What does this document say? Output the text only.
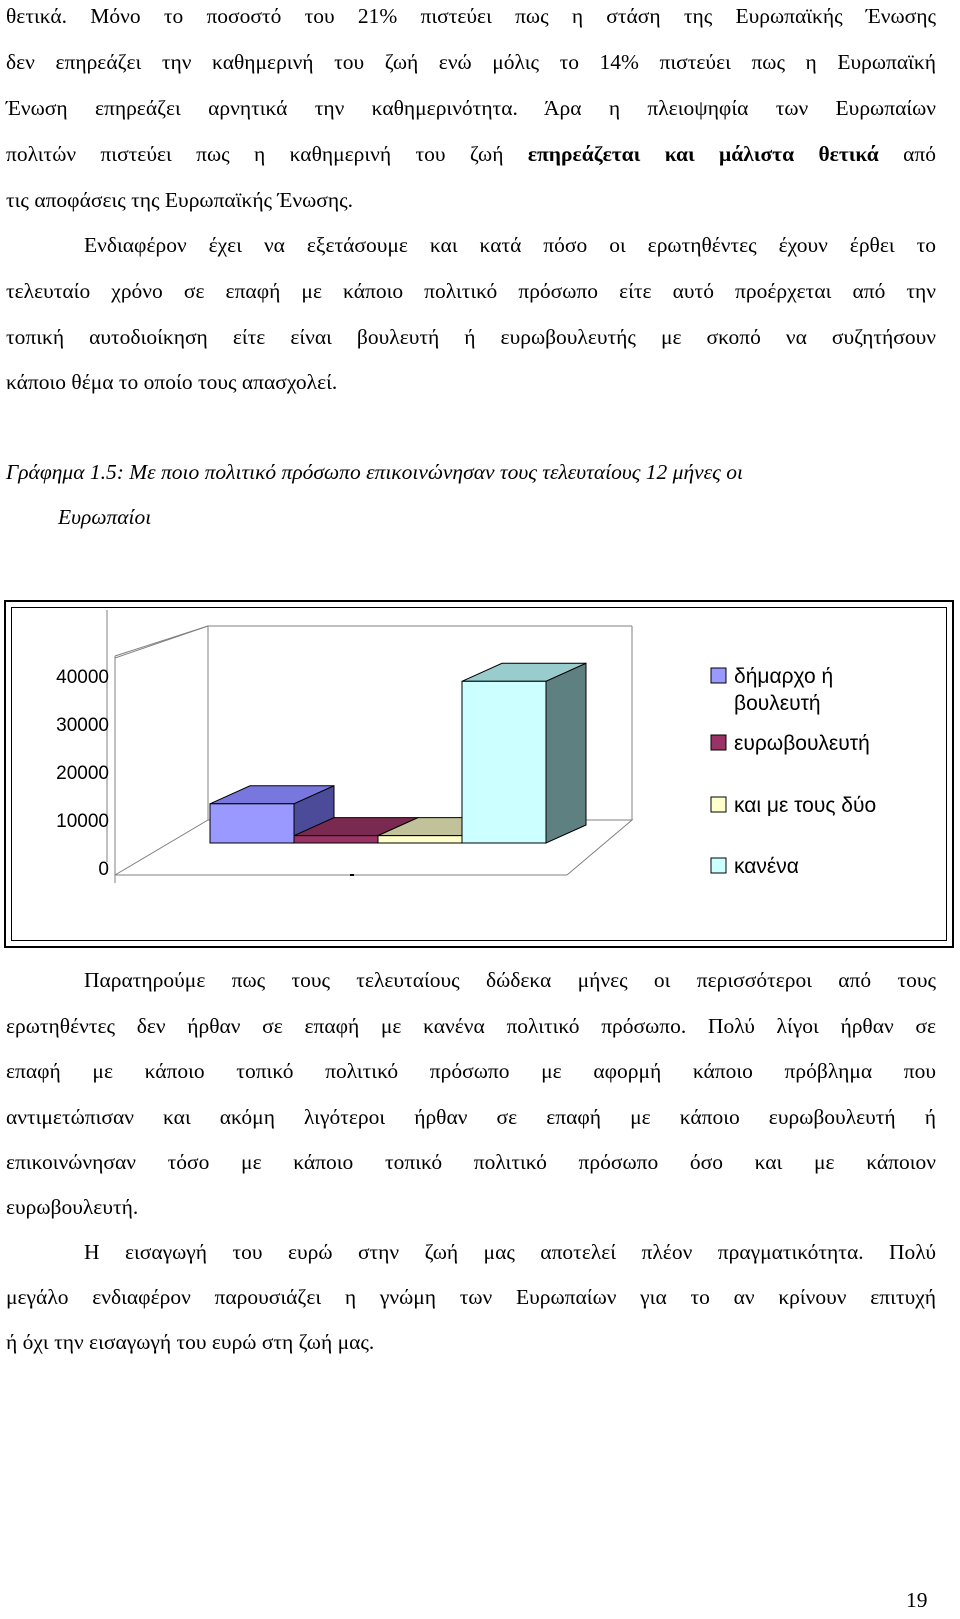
θετικά. Μόνο το ποσοστό του 21% πιστεύει πως η στάση της Ευρωπαϊκής Ένωσης
δεν επηρεάζει την καθημερινή του ζωή ενώ μόλις το 14% πιστεύει πως η Ευρωπαϊκή
Ένωση επηρεάζει αρνητικά την καθημερινότητα. Άρα η πλειοψηφία των Ευρωπαίων
πολιτών πιστεύει πως η καθημερινή του ζωή επηρεάζεται και μάλιστα θετικά από
τις αποφάσεις της Ευρωπαϊκής Ένωσης.
Ενδιαφέρον έχει να εξετάσουμε και κατά πόσο οι ερωτηθέντες έχουν έρθει το
τελευταίο χρόνο σε επαφή με κάποιο πολιτικό πρόσωπο είτε αυτό προέρχεται από την
τοπική αυτοδιοίκηση είτε είναι βουλευτή ή ευρωβουλευτής με σκοπό να συζητήσουν
κάποιο θέμα το οποίο τους απασχολεί.
Γράφημα 1.5: Με ποιο πολιτικό πρόσωπο επικοινώνησαν τους τελευταίους 12 μήνες οι
Ευρωπαίοι
0
10000
20000
30000
40000	δήμαρχο ή
βουλευτή
ευρωβουλευτή
και με τους δύο
κανένα
Παρατηρούμε πως τους τελευταίους δώδεκα μήνες οι περισσότεροι από τους
ερωτηθέντες δεν ήρθαν σε επαφή με κανένα πολιτικό πρόσωπο. Πολύ λίγοι ήρθαν σε
επαφή με κάποιο τοπικό πολιτικό πρόσωπο με αφορμή κάποιο πρόβλημα που
αντιμετώπισαν και ακόμη λιγότεροι ήρθαν σε επαφή με κάποιο ευρωβουλευτή ή
επικοινώνησαν τόσο με κάποιο τοπικό πολιτικό πρόσωπο όσο και με κάποιον
ευρωβουλευτή.
Η εισαγωγή του ευρώ στην ζωή μας αποτελεί πλέον πραγματικότητα. Πολύ
μεγάλο ενδιαφέρον παρουσιάζει η γνώμη των Ευρωπαίων για το αν κρίνουν επιτυχή
ή όχι την εισαγωγή του ευρώ στη ζωή μας.
19
